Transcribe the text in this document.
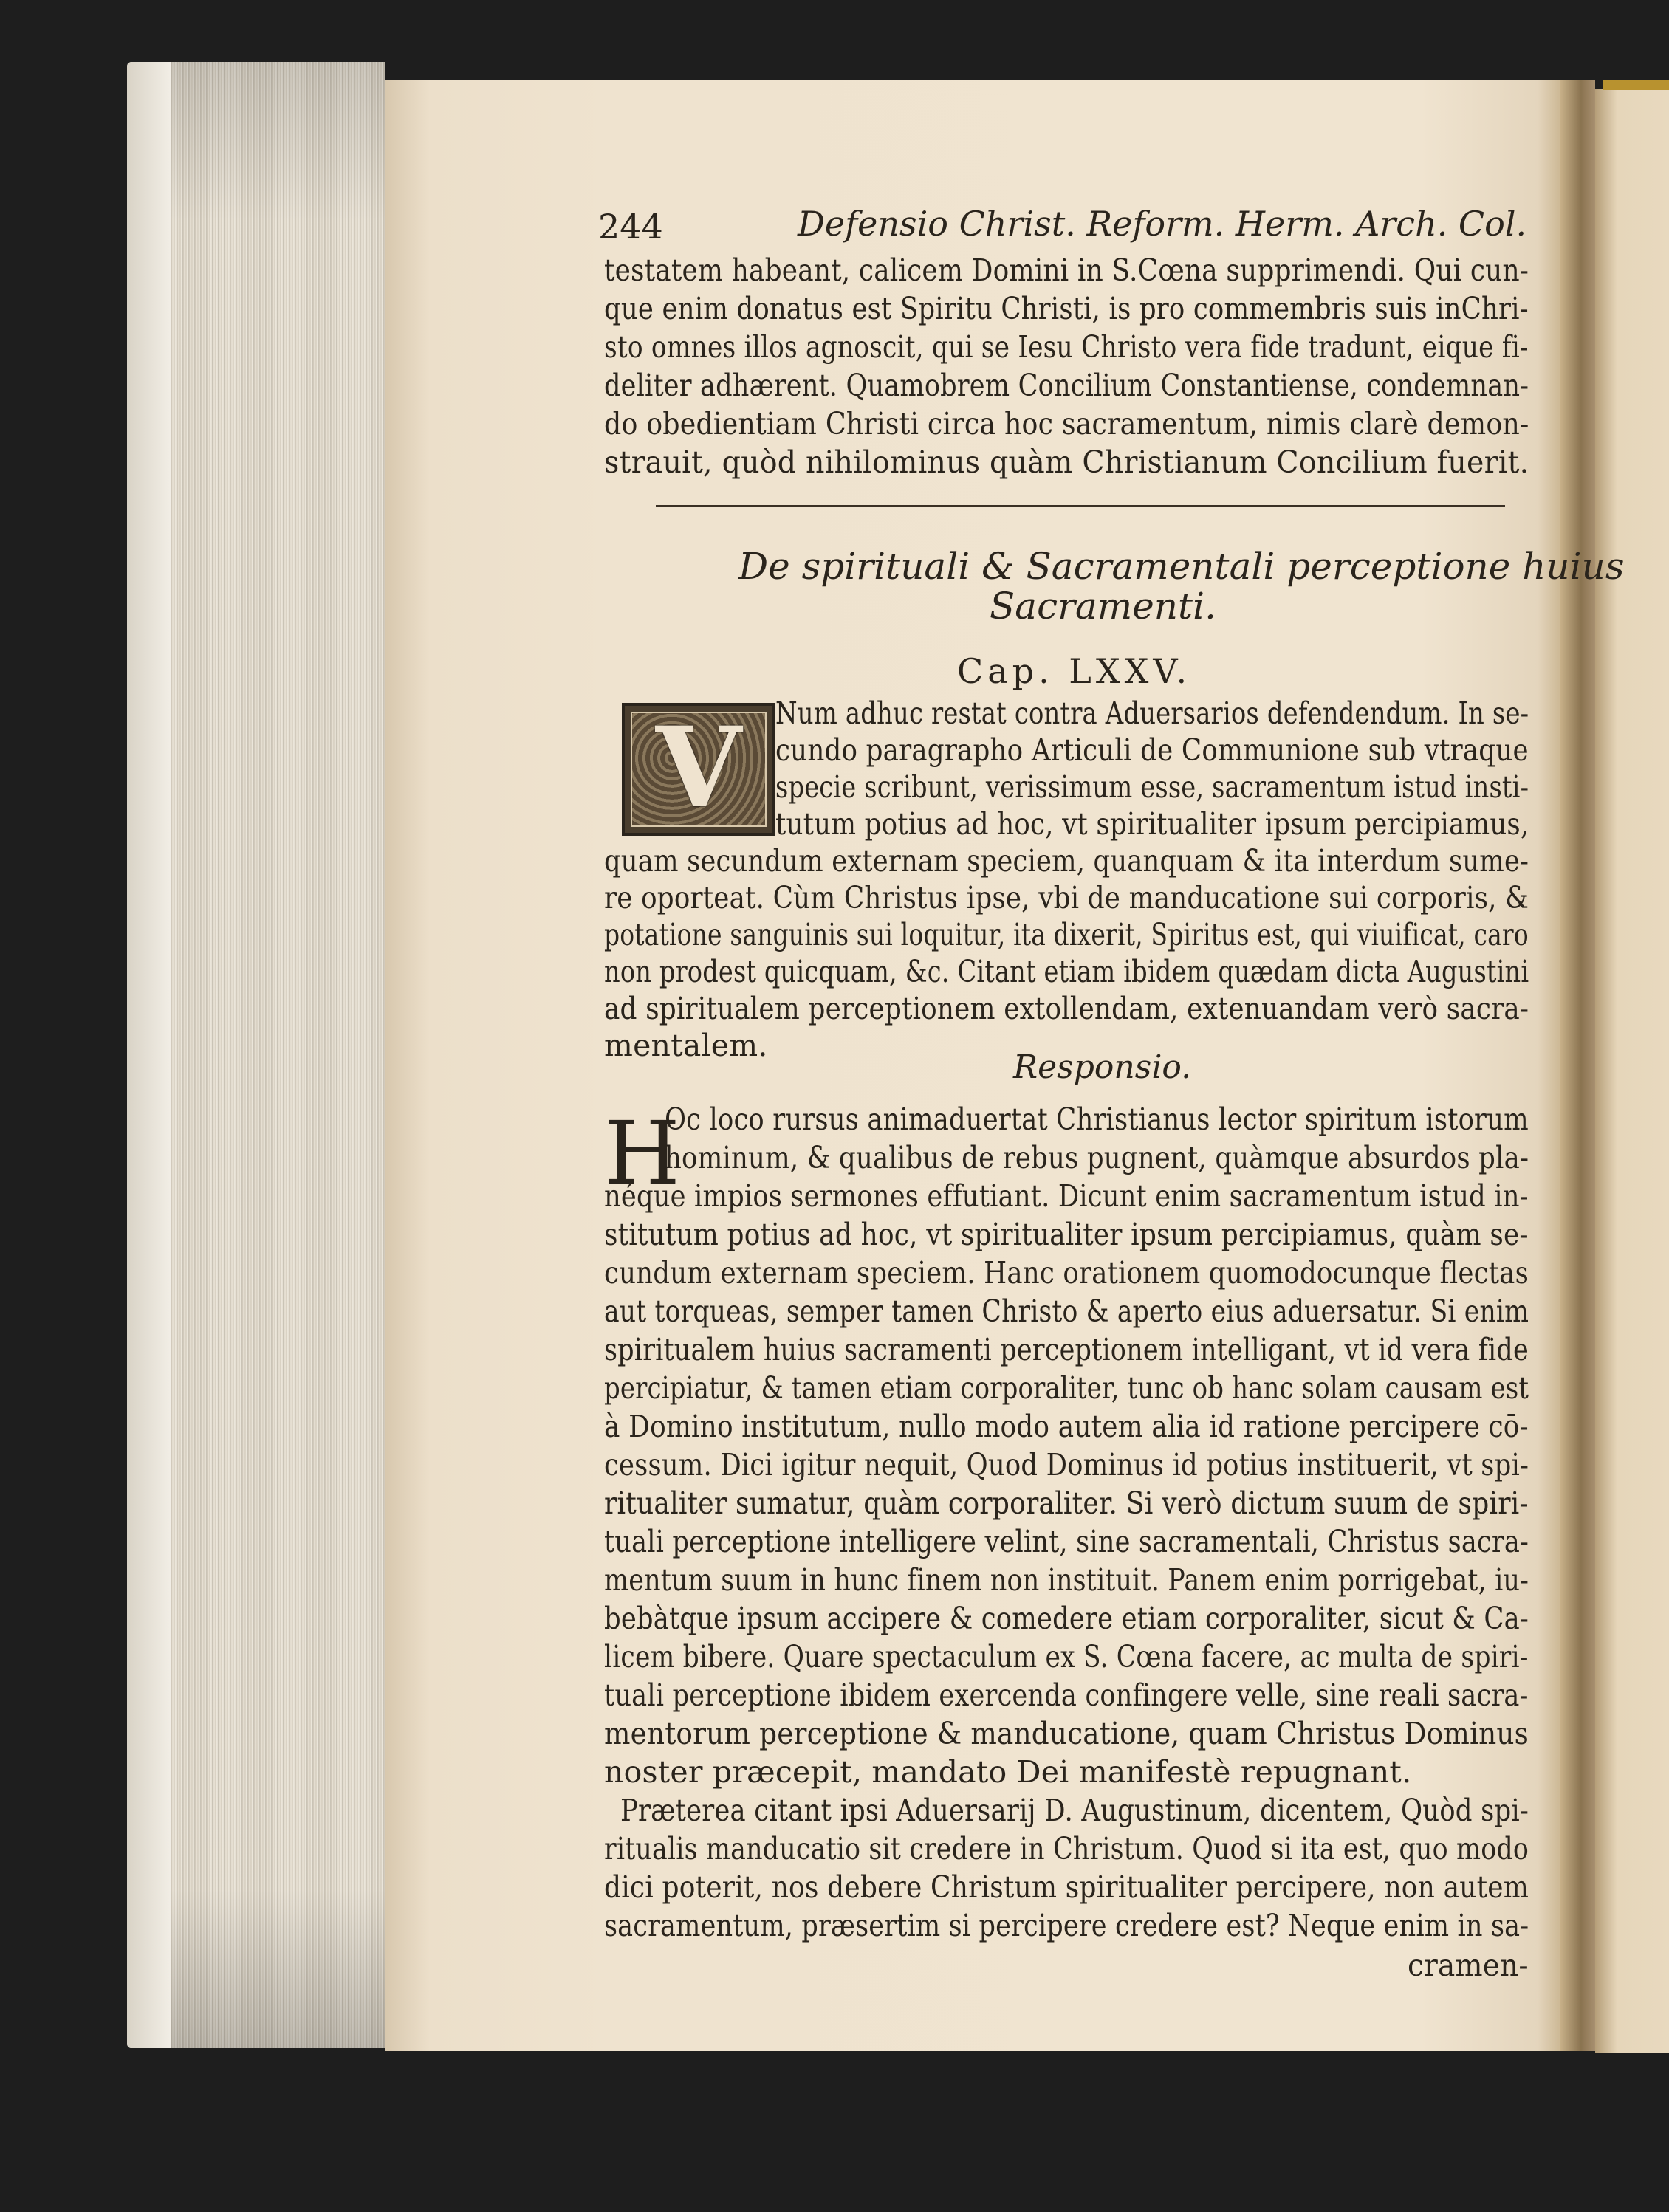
244	Defensio Christ. Reform. Herm. Arch. Col.
testatem habeant, calicem Domini in S.Cœna supprimendi. Qui cun-
que enim donatus est Spiritu Christi, is pro commembris suis inChri-
sto omnes illos agnoscit, qui se Iesu Christo vera fide tradunt, eique fi-
deliter adhærent. Quamobrem Concilium Constantiense, condemnan-
do obedientiam Christi circa hoc sacramentum, nimis clarè demon-
strauit, quòd nihilominus quàm Christianum Concilium fuerit.
De spirituali & Sacramentali perceptione huius
Sacramenti.
Cap. LXXV.
V	Num adhuc restat contra Aduersarios defendendum. In se-
cundo paragrapho Articuli de Communione sub vtraque
specie scribunt, verissimum esse, sacramentum istud insti-
tutum potius ad hoc, vt spiritualiter ipsum percipiamus,
quam secundum externam speciem, quanquam & ita interdum sume-
re oporteat. Cùm Christus ipse, vbi de manducatione sui corporis, &
potatione sanguinis sui loquitur, ita dixerit, Spiritus est, qui viuificat, caro
non prodest quicquam, &c. Citant etiam ibidem quædam dicta Augustini
ad spiritualem perceptionem extollendam, extenuandam verò sacra-
mentalem.
Responsio.
H
Oc loco rursus animaduertat Christianus lector spiritum istorum
hominum, & qualibus de rebus pugnent, quàmque absurdos pla-
néque impios sermones effutiant. Dicunt enim sacramentum istud in-
stitutum potius ad hoc, vt spiritualiter ipsum percipiamus, quàm se-
cundum externam speciem. Hanc orationem quomodocunque flectas
aut torqueas, semper tamen Christo & aperto eius aduersatur. Si enim
spiritualem huius sacramenti perceptionem intelligant, vt id vera fide
percipiatur, & tamen etiam corporaliter, tunc ob hanc solam causam est
à Domino institutum, nullo modo autem alia id ratione percipere cō-
cessum. Dici igitur nequit, Quod Dominus id potius instituerit, vt spi-
ritualiter sumatur, quàm corporaliter. Si verò dictum suum de spiri-
tuali perceptione intelligere velint, sine sacramentali, Christus sacra-
mentum suum in hunc finem non instituit. Panem enim porrigebat, iu-
bebàtque ipsum accipere & comedere etiam corporaliter, sicut & Ca-
licem bibere. Quare spectaculum ex S. Cœna facere, ac multa de spiri-
tuali perceptione ibidem exercenda confingere velle, sine reali sacra-
mentorum perceptione & manducatione, quam Christus Dominus
noster præcepit, mandato Dei manifestè repugnant.
Præterea citant ipsi Aduersarij D. Augustinum, dicentem, Quòd spi-
ritualis manducatio sit credere in Christum. Quod si ita est, quo modo
dici poterit, nos debere Christum spiritualiter percipere, non autem
sacramentum, præsertim si percipere credere est? Neque enim in sa-
cramen-
